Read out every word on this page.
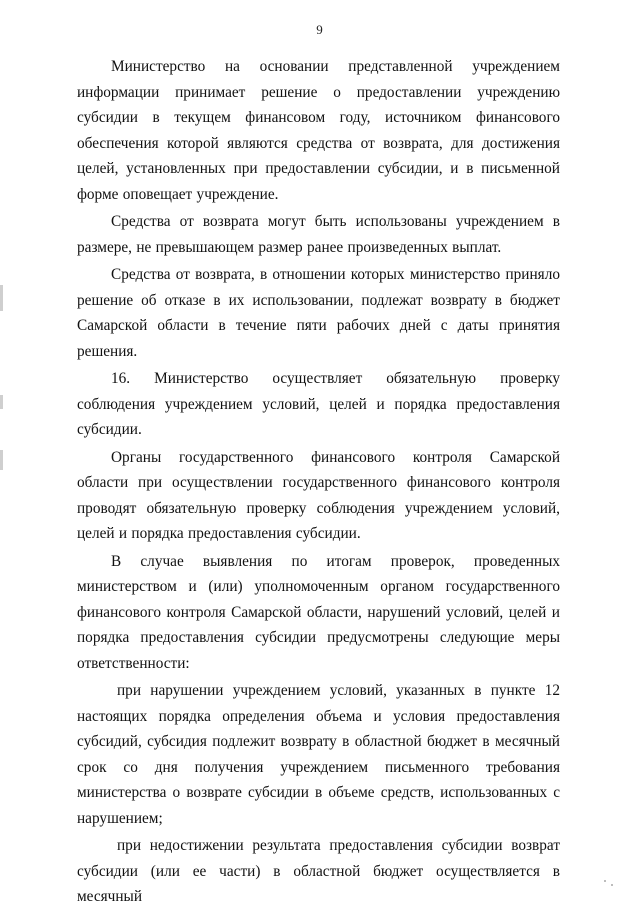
9

Министерство на основании представленной учреждением информации принимает решение о предоставлении учреждению субсидии в текущем финансовом году, источником финансового обеспечения которой являются средства от возврата, для достижения целей, установленных при предоставлении субсидии, и в письменной форме оповещает учреждение.

Средства от возврата могут быть использованы учреждением в размере, не превышающем размер ранее произведенных выплат.

Средства от возврата, в отношении которых министерство приняло решение об отказе в их использовании, подлежат возврату в бюджет Самарской области в течение пяти рабочих дней с даты принятия решения.

16. Министерство осуществляет обязательную проверку соблюдения учреждением условий, целей и порядка предоставления субсидии.

Органы государственного финансового контроля Самарской области при осуществлении государственного финансового контроля проводят обязательную проверку соблюдения учреждением условий, целей и порядка предоставления субсидии.

В случае выявления по итогам проверок, проведенных министерством и (или) уполномоченным органом государственного финансового контроля Самарской области, нарушений условий, целей и порядка предоставления субсидии предусмотрены следующие меры ответственности:

при нарушении учреждением условий, указанных в пункте 12 настоящих порядка определения объема и условия предоставления субсидий, субсидия подлежит возврату в областной бюджет в месячный срок со дня получения учреждением письменного требования министерства о возврате субсидии в объеме средств, использованных с нарушением;

при недостижении результата предоставления субсидии возврат субсидии (или ее части) в областной бюджет осуществляется в месячный
